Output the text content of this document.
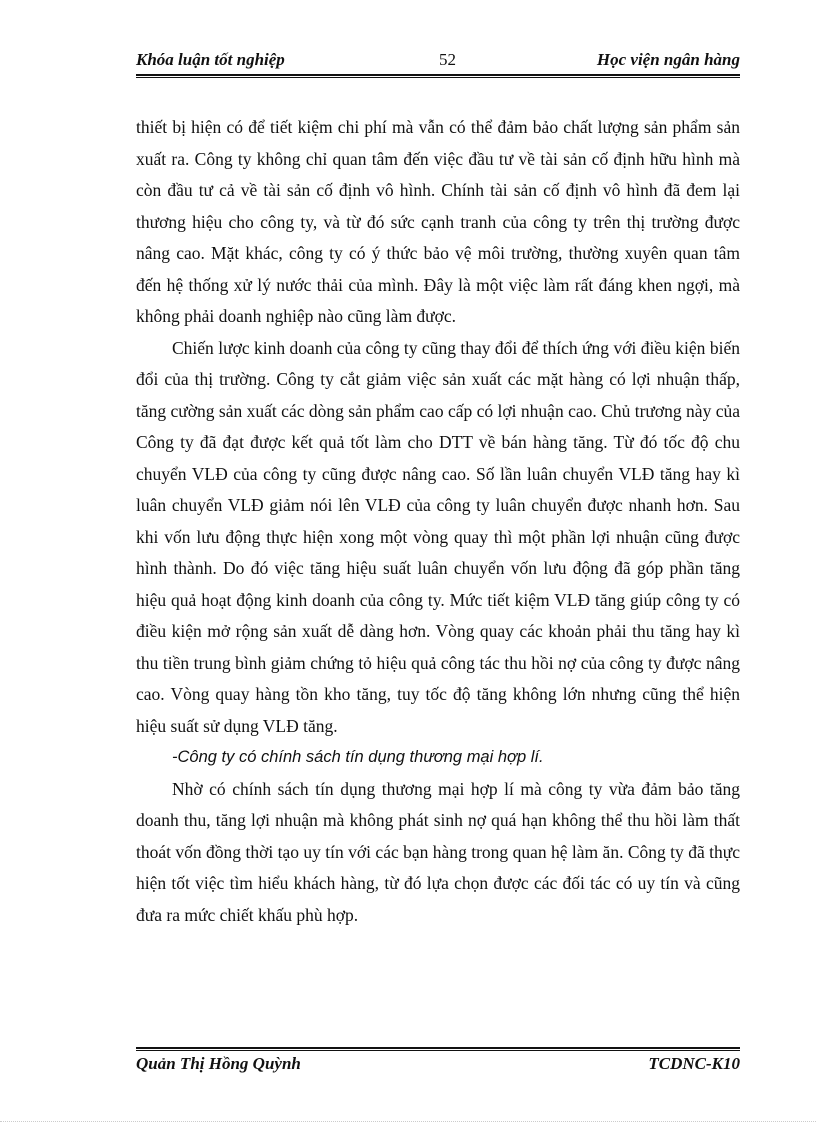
Khóa luận tốt nghiệp	52	Học viện ngân hàng

thiết bị hiện có để tiết kiệm chi phí mà vẫn có thể đảm bảo chất lượng sản phẩm sản xuất ra. Công ty không chỉ quan tâm đến việc đầu tư về tài sản cố định hữu hình mà còn đầu tư cả về tài sản cố định vô hình. Chính tài sản cố định vô hình đã đem lại thương hiệu cho công ty, và từ đó sức cạnh tranh của công ty trên thị trường được nâng cao. Mặt khác, công ty có ý thức bảo vệ môi trường, thường xuyên quan tâm đến hệ thống xử lý nước thải của mình. Đây là một việc làm rất đáng khen ngợi, mà không phải doanh nghiệp nào cũng làm được.

Chiến lược kinh doanh của công ty cũng thay đổi để thích ứng với điều kiện biến đổi của thị trường. Công ty cắt giảm việc sản xuất các mặt hàng có lợi nhuận thấp, tăng cường sản xuất các dòng sản phẩm cao cấp có lợi nhuận cao. Chủ trương này của Công ty đã đạt được kết quả tốt làm cho DTT về bán hàng tăng. Từ đó tốc độ chu chuyển VLĐ của công ty cũng được nâng cao. Số lần luân chuyển VLĐ tăng hay kì luân chuyển VLĐ giảm nói lên VLĐ của công ty luân chuyển được nhanh hơn. Sau khi vốn lưu động thực hiện xong một vòng quay thì một phần lợi nhuận cũng được hình thành. Do đó việc tăng hiệu suất luân chuyển vốn lưu động đã góp phần tăng hiệu quả hoạt động kinh doanh của công ty. Mức tiết kiệm VLĐ tăng giúp công ty có điều kiện mở rộng sản xuất dễ dàng hơn. Vòng quay các khoản phải thu tăng hay kì thu tiền trung bình giảm chứng tỏ hiệu quả công tác thu hồi nợ của công ty được nâng cao. Vòng quay hàng tồn kho tăng, tuy tốc độ tăng không lớn nhưng cũng thể hiện hiệu suất sử dụng VLĐ tăng.

-Công ty có chính sách tín dụng thương mại hợp lí.

Nhờ có chính sách tín dụng thương mại hợp lí mà công ty vừa đảm bảo tăng doanh thu, tăng lợi nhuận mà không phát sinh nợ quá hạn không thể thu hồi làm thất thoát vốn đồng thời tạo uy tín với các bạn hàng trong quan hệ làm ăn. Công ty đã thực hiện tốt việc tìm hiểu khách hàng, từ đó lựa chọn được các đối tác có uy tín và cũng đưa ra mức chiết khấu phù hợp.

Quản Thị Hồng Quỳnh	TCDNC-K10
